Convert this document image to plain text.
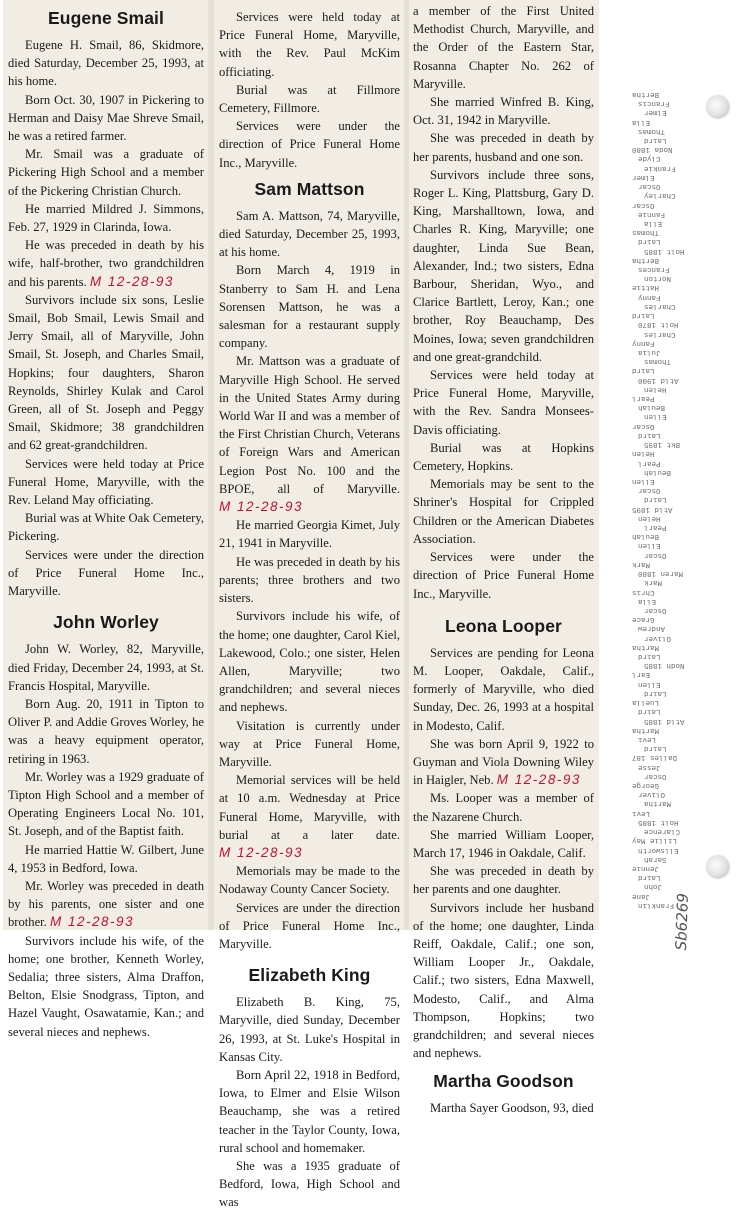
Eugene Smail

Eugene H. Smail, 86, Skidmore, died Saturday, December 25, 1993, at his home.

Born Oct. 30, 1907 in Pickering to Herman and Daisy Mae Shreve Smail, he was a retired farmer.

Mr. Smail was a graduate of Pickering High School and a member of the Pickering Christian Church.

He married Mildred J. Simmons, Feb. 27, 1929 in Clarinda, Iowa.

He was preceded in death by his wife, half-brother, two grandchildren and his parents. M 12-28-93

Survivors include six sons, Leslie Smail, Bob Smail, Lewis Smail and Jerry Smail, all of Maryville, John Smail, St. Joseph, and Charles Smail, Hopkins; four daughters, Sharon Reynolds, Shirley Kulak and Carol Green, all of St. Joseph and Peggy Smail, Skidmore; 38 grandchildren and 62 great-grandchildren.

Services were held today at Price Funeral Home, Maryville, with the Rev. Leland May officiating.

Burial was at White Oak Cemetery, Pickering.

Services were under the direction of Price Funeral Home Inc., Maryville.

John Worley

John W. Worley, 82, Maryville, died Friday, December 24, 1993, at St. Francis Hospital, Maryville.

Born Aug. 20, 1911 in Tipton to Oliver P. and Addie Groves Worley, he was a heavy equipment operator, retiring in 1963.

Mr. Worley was a 1929 graduate of Tipton High School and a member of Operating Engineers Local No. 101, St. Joseph, and of the Baptist faith.

He married Hattie W. Gilbert, June 4, 1953 in Bedford, Iowa.

Mr. Worley was preceded in death by his parents, one sister and one brother. M 12-28-93

Survivors include his wife, of the home; one brother, Kenneth Worley, Sedalia; three sisters, Alma Draffon, Belton, Elsie Snodgrass, Tipton, and Hazel Vaught, Osawatamie, Kan.; and several nieces and nephews.

Services were held today at Price Funeral Home, Maryville, with the Rev. Paul McKim officiating.

Burial was at Fillmore Cemetery, Fillmore.

Services were under the direction of Price Funeral Home Inc., Maryville.

Sam Mattson

Sam A. Mattson, 74, Maryville, died Saturday, December 25, 1993, at his home.

Born March 4, 1919 in Stanberry to Sam H. and Lena Sorensen Mattson, he was a salesman for a restaurant supply company.

Mr. Mattson was a graduate of Maryville High School. He served in the United States Army during World War II and was a member of the First Christian Church, Veterans of Foreign Wars and American Legion Post No. 100 and the BPOE, all of Maryville. M 12-28-93

He married Georgia Kimet, July 21, 1941 in Maryville.

He was preceded in death by his parents; three brothers and two sisters.

Survivors include his wife, of the home; one daughter, Carol Kiel, Lakewood, Colo.; one sister, Helen Allen, Maryville; two grandchildren; and several nieces and nephews.

Visitation is currently under way at Price Funeral Home, Maryville.

Memorial services will be held at 10 a.m. Wednesday at Price Funeral Home, Maryville, with burial at a later date. M 12-28-93

Memorials may be made to the Nodaway County Cancer Society.

Services are under the direction of Price Funeral Home Inc., Maryville.

Elizabeth King

Elizabeth B. King, 75, Maryville, died Sunday, December 26, 1993, at St. Luke's Hospital in Kansas City.

Born April 22, 1918 in Bedford, Iowa, to Elmer and Elsie Wilson Beauchamp, she was a retired teacher in the Taylor County, Iowa, rural school and homemaker.

She was a 1935 graduate of Bedford, Iowa, High School and was

a member of the First United Methodist Church, Maryville, and the Order of the Eastern Star, Rosanna Chapter No. 262 of Maryville.

She married Winfred B. King, Oct. 31, 1942 in Maryville.

She was preceded in death by her parents, husband and one son.

Survivors include three sons, Roger L. King, Plattsburg, Gary D. King, Marshalltown, Iowa, and Charles R. King, Maryville; one daughter, Linda Sue Bean, Alexander, Ind.; two sisters, Edna Barbour, Sheridan, Wyo., and Clarice Bartlett, Leroy, Kan.; one brother, Roy Beauchamp, Des Moines, Iowa; seven grandchildren and one great-grandchild.

Services were held today at Price Funeral Home, Maryville, with the Rev. Sandra Monsees-Davis officiating.

Burial was at Hopkins Cemetery, Hopkins.

Memorials may be sent to the Shriner's Hospital for Crippled Children or the American Diabetes Association.

Services were under the direction of Price Funeral Home Inc., Maryville.

Leona Looper

Services are pending for Leona M. Looper, Oakdale, Calif., formerly of Maryville, who died Sunday, Dec. 26, 1993 at a hospital in Modesto, Calif.

She was born April 9, 1922 to Guyman and Viola Downing Wiley in Haigler, Neb. M 12-28-93

Ms. Looper was a member of the Nazarene Church.

She married William Looper, March 17, 1946 in Oakdale, Calif.

She was preceded in death by her parents and one daughter.

Survivors include her husband of the home; one daughter, Linda Reiff, Oakdale, Calif.; one son, William Looper Jr., Oakdale, Calif.; two sisters, Edna Maxwell, Modesto, Calif., and Alma Thompson, Hopkins; two grandchildren; and several nieces and nephews.

Martha Goodson

Martha Sayer Goodson, 93, died

Bertha
Francis
Elmer
Ella
Thomas
Laird
Noda 1880
Clyde
Frankie
Elmer
Oscar
Charley
Oscar
Fannie
Ella
Thomas
Laird
Holt 1885
Bertha
Frances
Norton
Hattie
Fanny
Charles
Laird
Holt 1870
Charles
Fanny
Julia
Thomas
Laird
Atld 1900
Helen
Pearl
Beulah
Ellen
Oscar
Laird
Bkt 1895
Helen
Pearl
Beulah
Ellen
Oscar
Laird
Atld 1895
Helen
Pearl
Beulah
Ellen
Oscar
Mark
Maren 1880
Mark
Chris
Ella
Oscar
Grace
Andrew
Oliver
Martha
Laird
Nodh 1885
Earl
Ellen
Laird
Luella
Laird
Atld 1885
Martha
Levi
Laird
Dalles 187
Jesse
Oscar
George
Oliver
Martha
Levi
Holt 1885
Clarence
Lillie May
Ellsworth
Sarah
Jennie
Laird
John
Jane
Franklin
Sb6269
